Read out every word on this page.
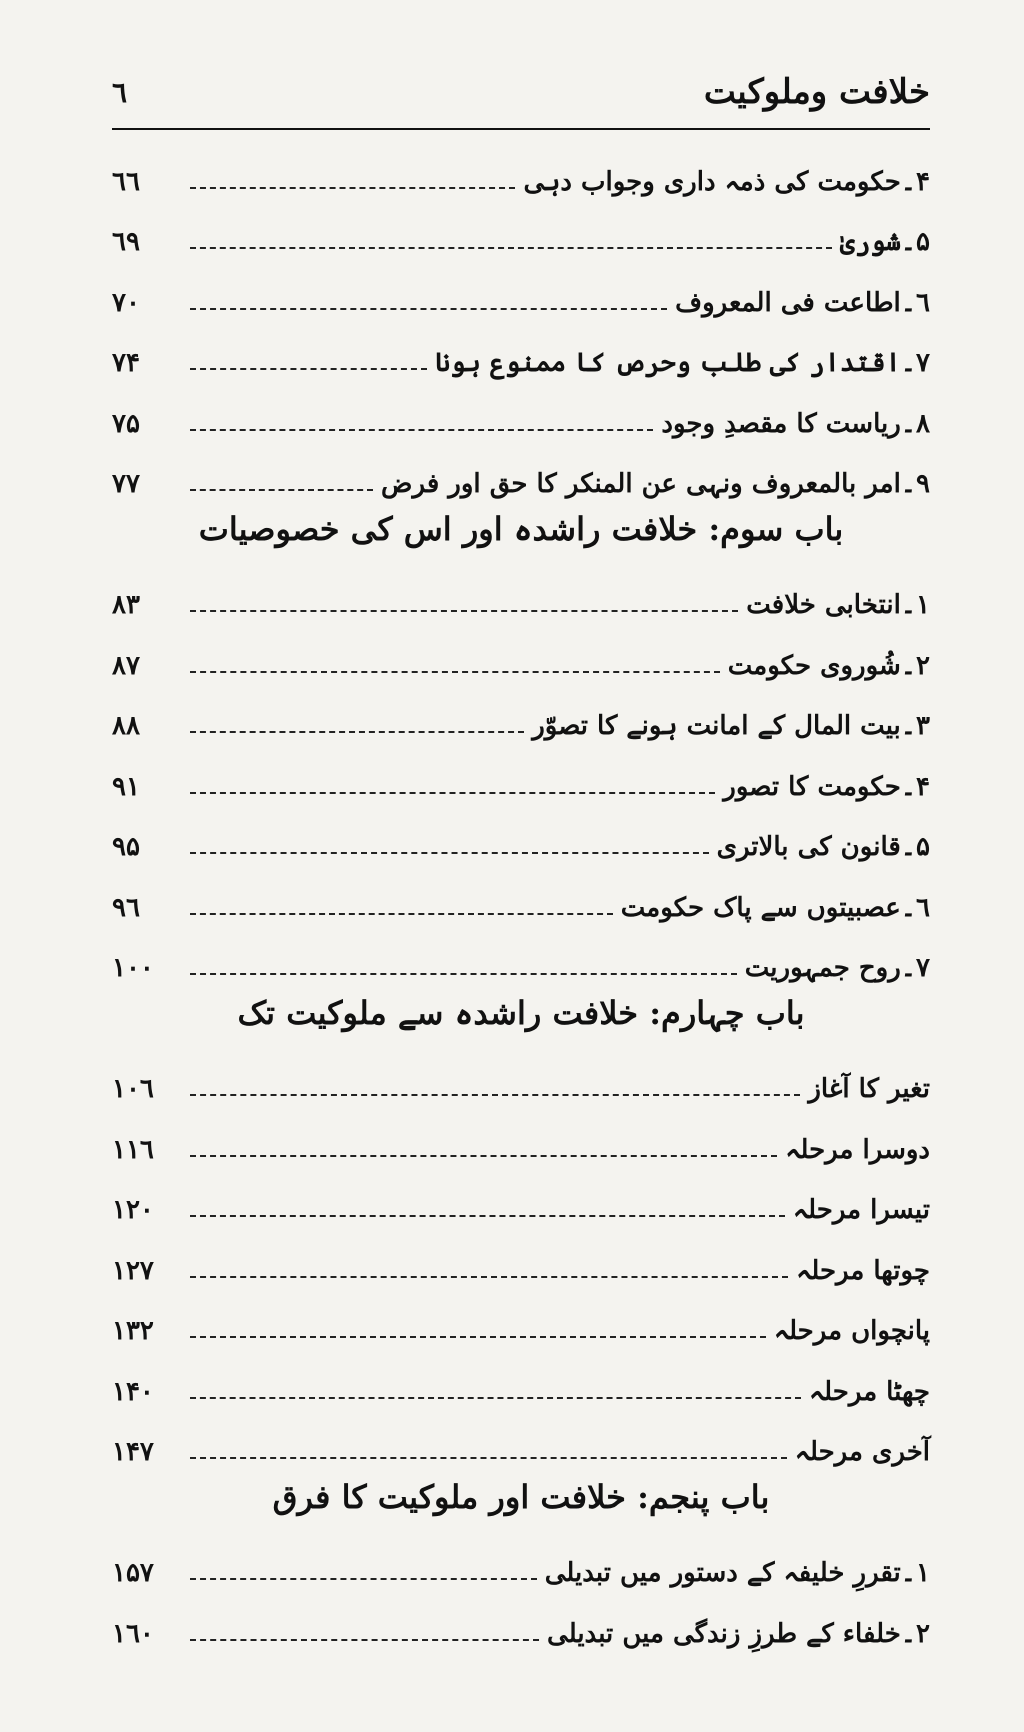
٦	خلافت وملوکیت
۴۔حکومت کی ذمہ داری وجواب دہی
٦٦
۵۔شوریٰ
٦٩
٦۔اطاعت فی المعروف
۷٠
۷۔اقتدار کی طلب وحرص کا ممنوع ہونا
۷۴
۸۔ریاست کا مقصدِ وجود
۷۵
۹۔امر بالمعروف ونہی عن المنکر کا حق اور فرض
۷۷
باب سوم: خلافت راشدہ اور اس کی خصوصیات
۱۔انتخابی خلافت
۸۳
۲۔شُوروی حکومت
۸۷
۳۔بیت المال کے امانت ہونے کا تصوّر
۸۸
۴۔حکومت کا تصور
۹۱
۵۔قانون کی بالاتری
۹۵
٦۔عصبیتوں سے پاک حکومت
۹٦
۷۔روح جمہوریت
۱٠٠
باب چہارم: خلافت راشدہ سے ملوکیت تک
تغیر کا آغاز
۱٠٦
دوسرا مرحلہ
۱۱٦
تیسرا مرحلہ
۱۲٠
چوتھا مرحلہ
۱۲۷
پانچواں مرحلہ
۱۳۲
چھٹا مرحلہ
۱۴٠
آخری مرحلہ
۱۴۷
باب پنجم: خلافت اور ملوکیت کا فرق
۱۔تقررِ خلیفہ کے دستور میں تبدیلی
۱۵۷
۲۔خلفاء کے طرزِ زندگی میں تبدیلی
۱٦٠
